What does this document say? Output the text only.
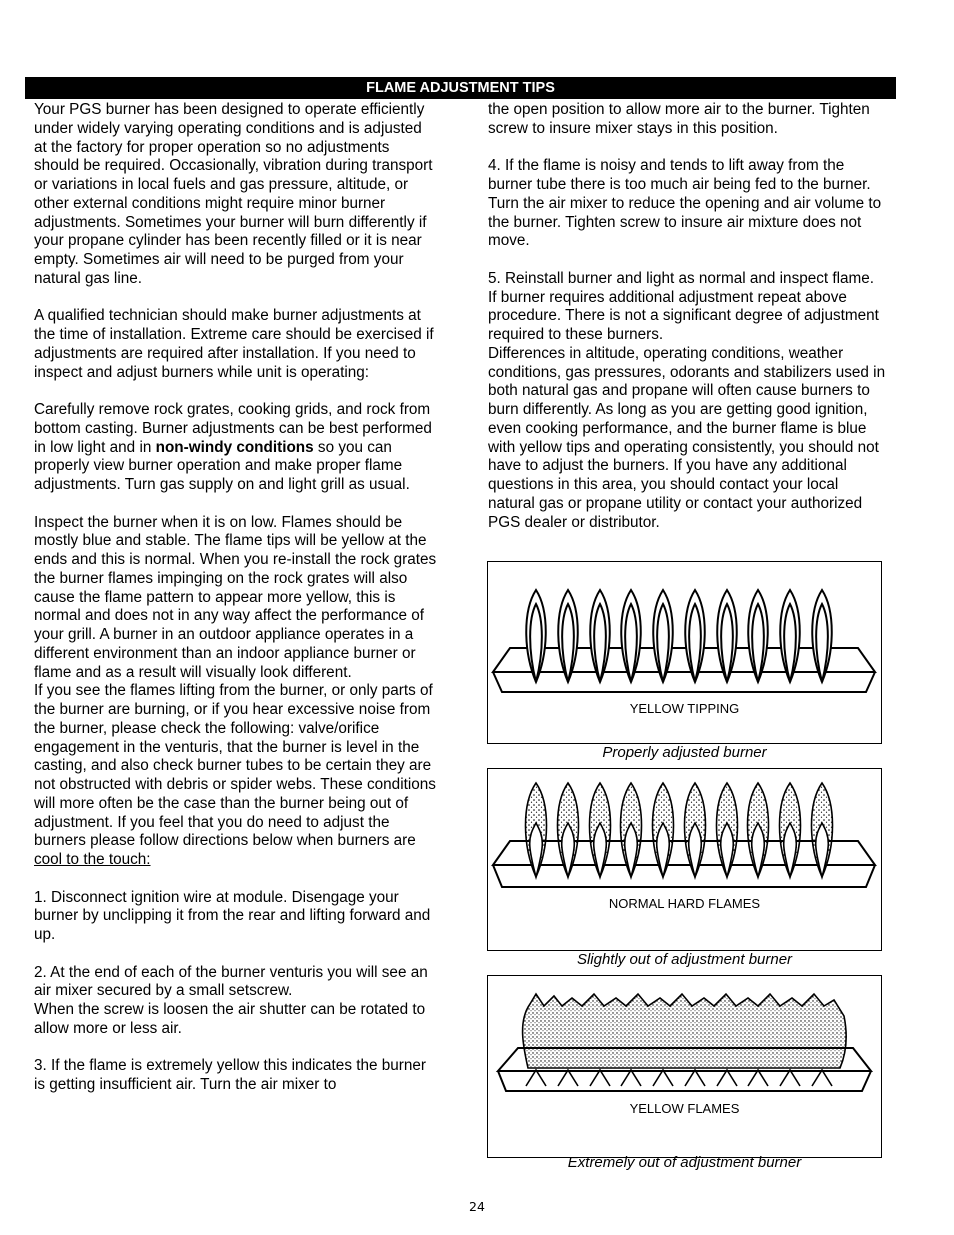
FLAME ADJUSTMENT TIPS

Your PGS burner has been designed to operate efficiently under widely varying operating conditions and is adjusted at the factory for proper operation so no adjustments should be required. Occasionally, vibration during transport or variations in local fuels and gas pressure, altitude, or other external conditions might require minor burner adjustments. Sometimes your burner will burn differently if your propane cylinder has been recently filled or it is near empty. Sometimes air will need to be purged from your natural gas line.

A qualified technician should make burner adjustments at the time of installation. Extreme care should be exercised if adjustments are required after installation. If you need to inspect and adjust burners while unit is operating:

Carefully remove rock grates, cooking grids, and rock from bottom casting. Burner adjustments can be best performed in low light and in non-windy conditions so you can properly view burner operation and make proper flame adjustments. Turn gas supply on and light grill as usual.

Inspect the burner when it is on low. Flames should be mostly blue and stable. The flame tips will be yellow at the ends and this is normal. When you re-install the rock grates the burner flames impinging on the rock grates will also cause the flame pattern to appear more yellow, this is normal and does not in any way affect the performance of your grill. A burner in an outdoor appliance operates in a different environment than an indoor appliance burner or flame and as a result will visually look different.

If you see the flames lifting from the burner, or only parts of the burner are burning, or if you hear excessive noise from the burner, please check the following: valve/orifice engagement in the venturis, that the burner is level in the casting, and also check burner tubes to be certain they are not obstructed with debris or spider webs. These conditions will more often be the case than the burner being out of adjustment. If you feel that you do need to adjust the burners please follow directions below when burners are cool to the touch:

1. Disconnect ignition wire at module. Disengage your burner by unclipping it from the rear and lifting forward and up.

2. At the end of each of the burner venturis you will see an air mixer secured by a small setscrew.

When the screw is loosen the air shutter can be rotated to allow more or less air.

3. If the flame is extremely yellow this indicates the burner is getting insufficient air. Turn the air mixer to

the open position to allow more air to the burner. Tighten screw to insure mixer stays in this position.

4. If the flame is noisy and tends to lift away from the burner tube there is too much air being fed to the burner. Turn the air mixer to reduce the opening and air volume to the burner. Tighten screw to insure air mixture does not move.

5. Reinstall burner and light as normal and inspect flame. If burner requires additional adjustment repeat above procedure. There is not a significant degree of adjustment required to these burners.

Differences in altitude, operating conditions, weather conditions, gas pressures, odorants and stabilizers used in both natural gas and propane will often cause burners to burn differently. As long as you are getting good ignition, even cooking performance, and the burner flame is blue with yellow tips and operating consistently, you should not have to adjust the burners. If you have any additional questions in this area, you should contact your local natural gas or propane utility or contact your authorized PGS dealer or distributor.

YELLOW TIPPING
Properly adjusted burner
NORMAL HARD FLAMES
Slightly out of adjustment burner
YELLOW FLAMES
Extremely out of adjustment burner
24
